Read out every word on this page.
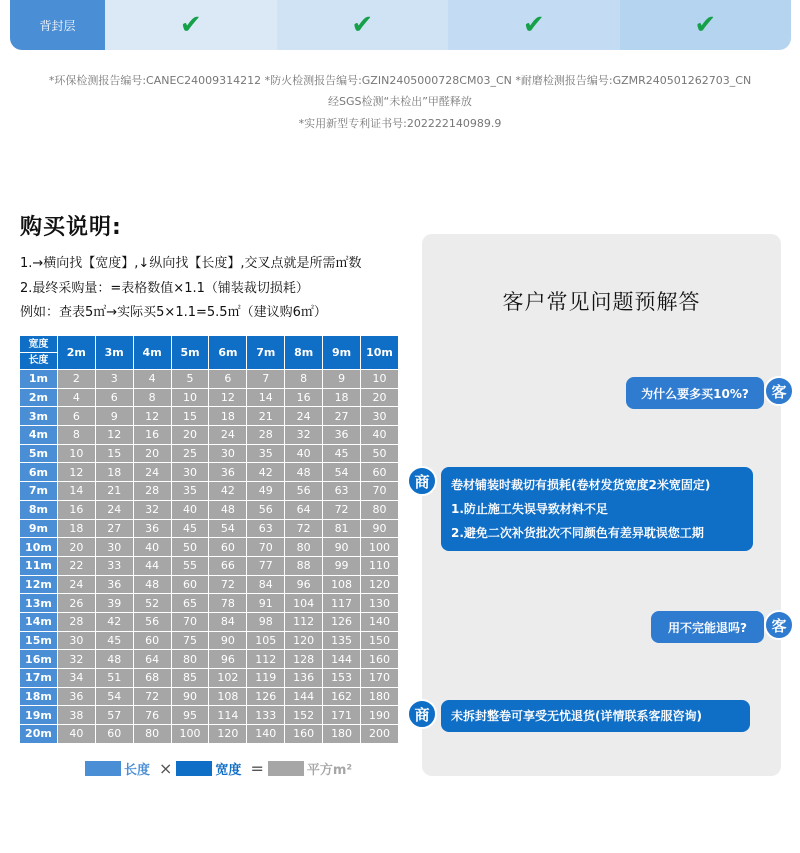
背封层	✔	✔	✔	✔
*环保检测报告编号:CANEC24009314212 *防火检测报告编号:GZIN2405000728CM03_CN *耐磨检测报告编号:GZMR240501262703_CN
经SGS检测“未检出”甲醛释放
*实用新型专利证书号:202222140989.9
购买说明:
1.→横向找【宽度】,↓纵向找【长度】,交叉点就是所需㎡数
2.最终采购量：=表格数值×1.1（铺装裁切损耗）
例如：查表5㎡→实际买5×1.1=5.5㎡（建议购6㎡）
宽度
长度	2m	3m	4m	5m	6m	7m	8m	9m	10m
1m	2	3	4	5	6	7	8	9	10
2m	4	6	8	10	12	14	16	18	20
3m	6	9	12	15	18	21	24	27	30
4m	8	12	16	20	24	28	32	36	40
5m	10	15	20	25	30	35	40	45	50
6m	12	18	24	30	36	42	48	54	60
7m	14	21	28	35	42	49	56	63	70
8m	16	24	32	40	48	56	64	72	80
9m	18	27	36	45	54	63	72	81	90
10m	20	30	40	50	60	70	80	90	100
11m	22	33	44	55	66	77	88	99	110
12m	24	36	48	60	72	84	96	108	120
13m	26	39	52	65	78	91	104	117	130
14m	28	42	56	70	84	98	112	126	140
15m	30	45	60	75	90	105	120	135	150
16m	32	48	64	80	96	112	128	144	160
17m	34	51	68	85	102	119	136	153	170
18m	36	54	72	90	108	126	144	162	180
19m	38	57	76	95	114	133	152	171	190
20m	40	60	80	100	120	140	160	180	200
长度 ×	宽度 =	平方m²
客户常见问题预解答
为什么要多买10%?	客
商	卷材铺装时裁切有损耗(卷材发货宽度2米宽固定)
1.防止施工失误导致材料不足
2.避免二次补货批次不同颜色有差异耽误您工期
用不完能退吗?	客
商	未拆封整卷可享受无忧退货(详情联系客服咨询)
